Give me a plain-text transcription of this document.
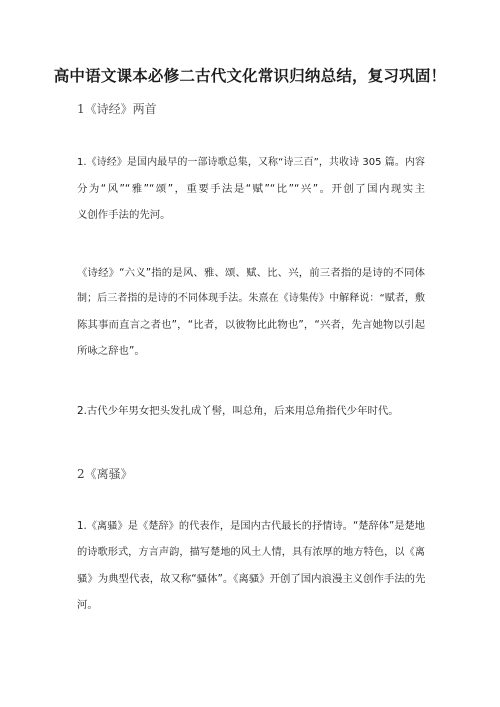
高中语文课本必修二古代文化常识归纳总结，复习巩固！
1《诗经》两首
1.《诗经》是国内最早的一部诗歌总集，又称“诗三百”，共收诗 305 篇。内容
分为“风”“雅”“颂”，重要手法是“赋”“比”“兴”。开创了国内现实主
义创作手法的先河。
《诗经》“六义”指的是风、雅、颂、赋、比、兴，前三者指的是诗的不同体
制；后三者指的是诗的不同体现手法。朱熹在《诗集传》中解释说：“赋者，敷
陈其事而直言之者也”，“比者，以彼物比此物也”，“兴者，先言她物以引起
所咏之辞也”。
2.古代少年男女把头发扎成丫髻，叫总角，后来用总角指代少年时代。
2《离骚》
1.《离骚》是《楚辞》的代表作，是国内古代最长的抒情诗。“楚辞体”是楚地
的诗歌形式，方言声韵，描写楚地的风土人情，具有浓厚的地方特色，以《离
骚》为典型代表，故又称“骚体”。《离骚》开创了国内浪漫主义创作手法的先
河。
